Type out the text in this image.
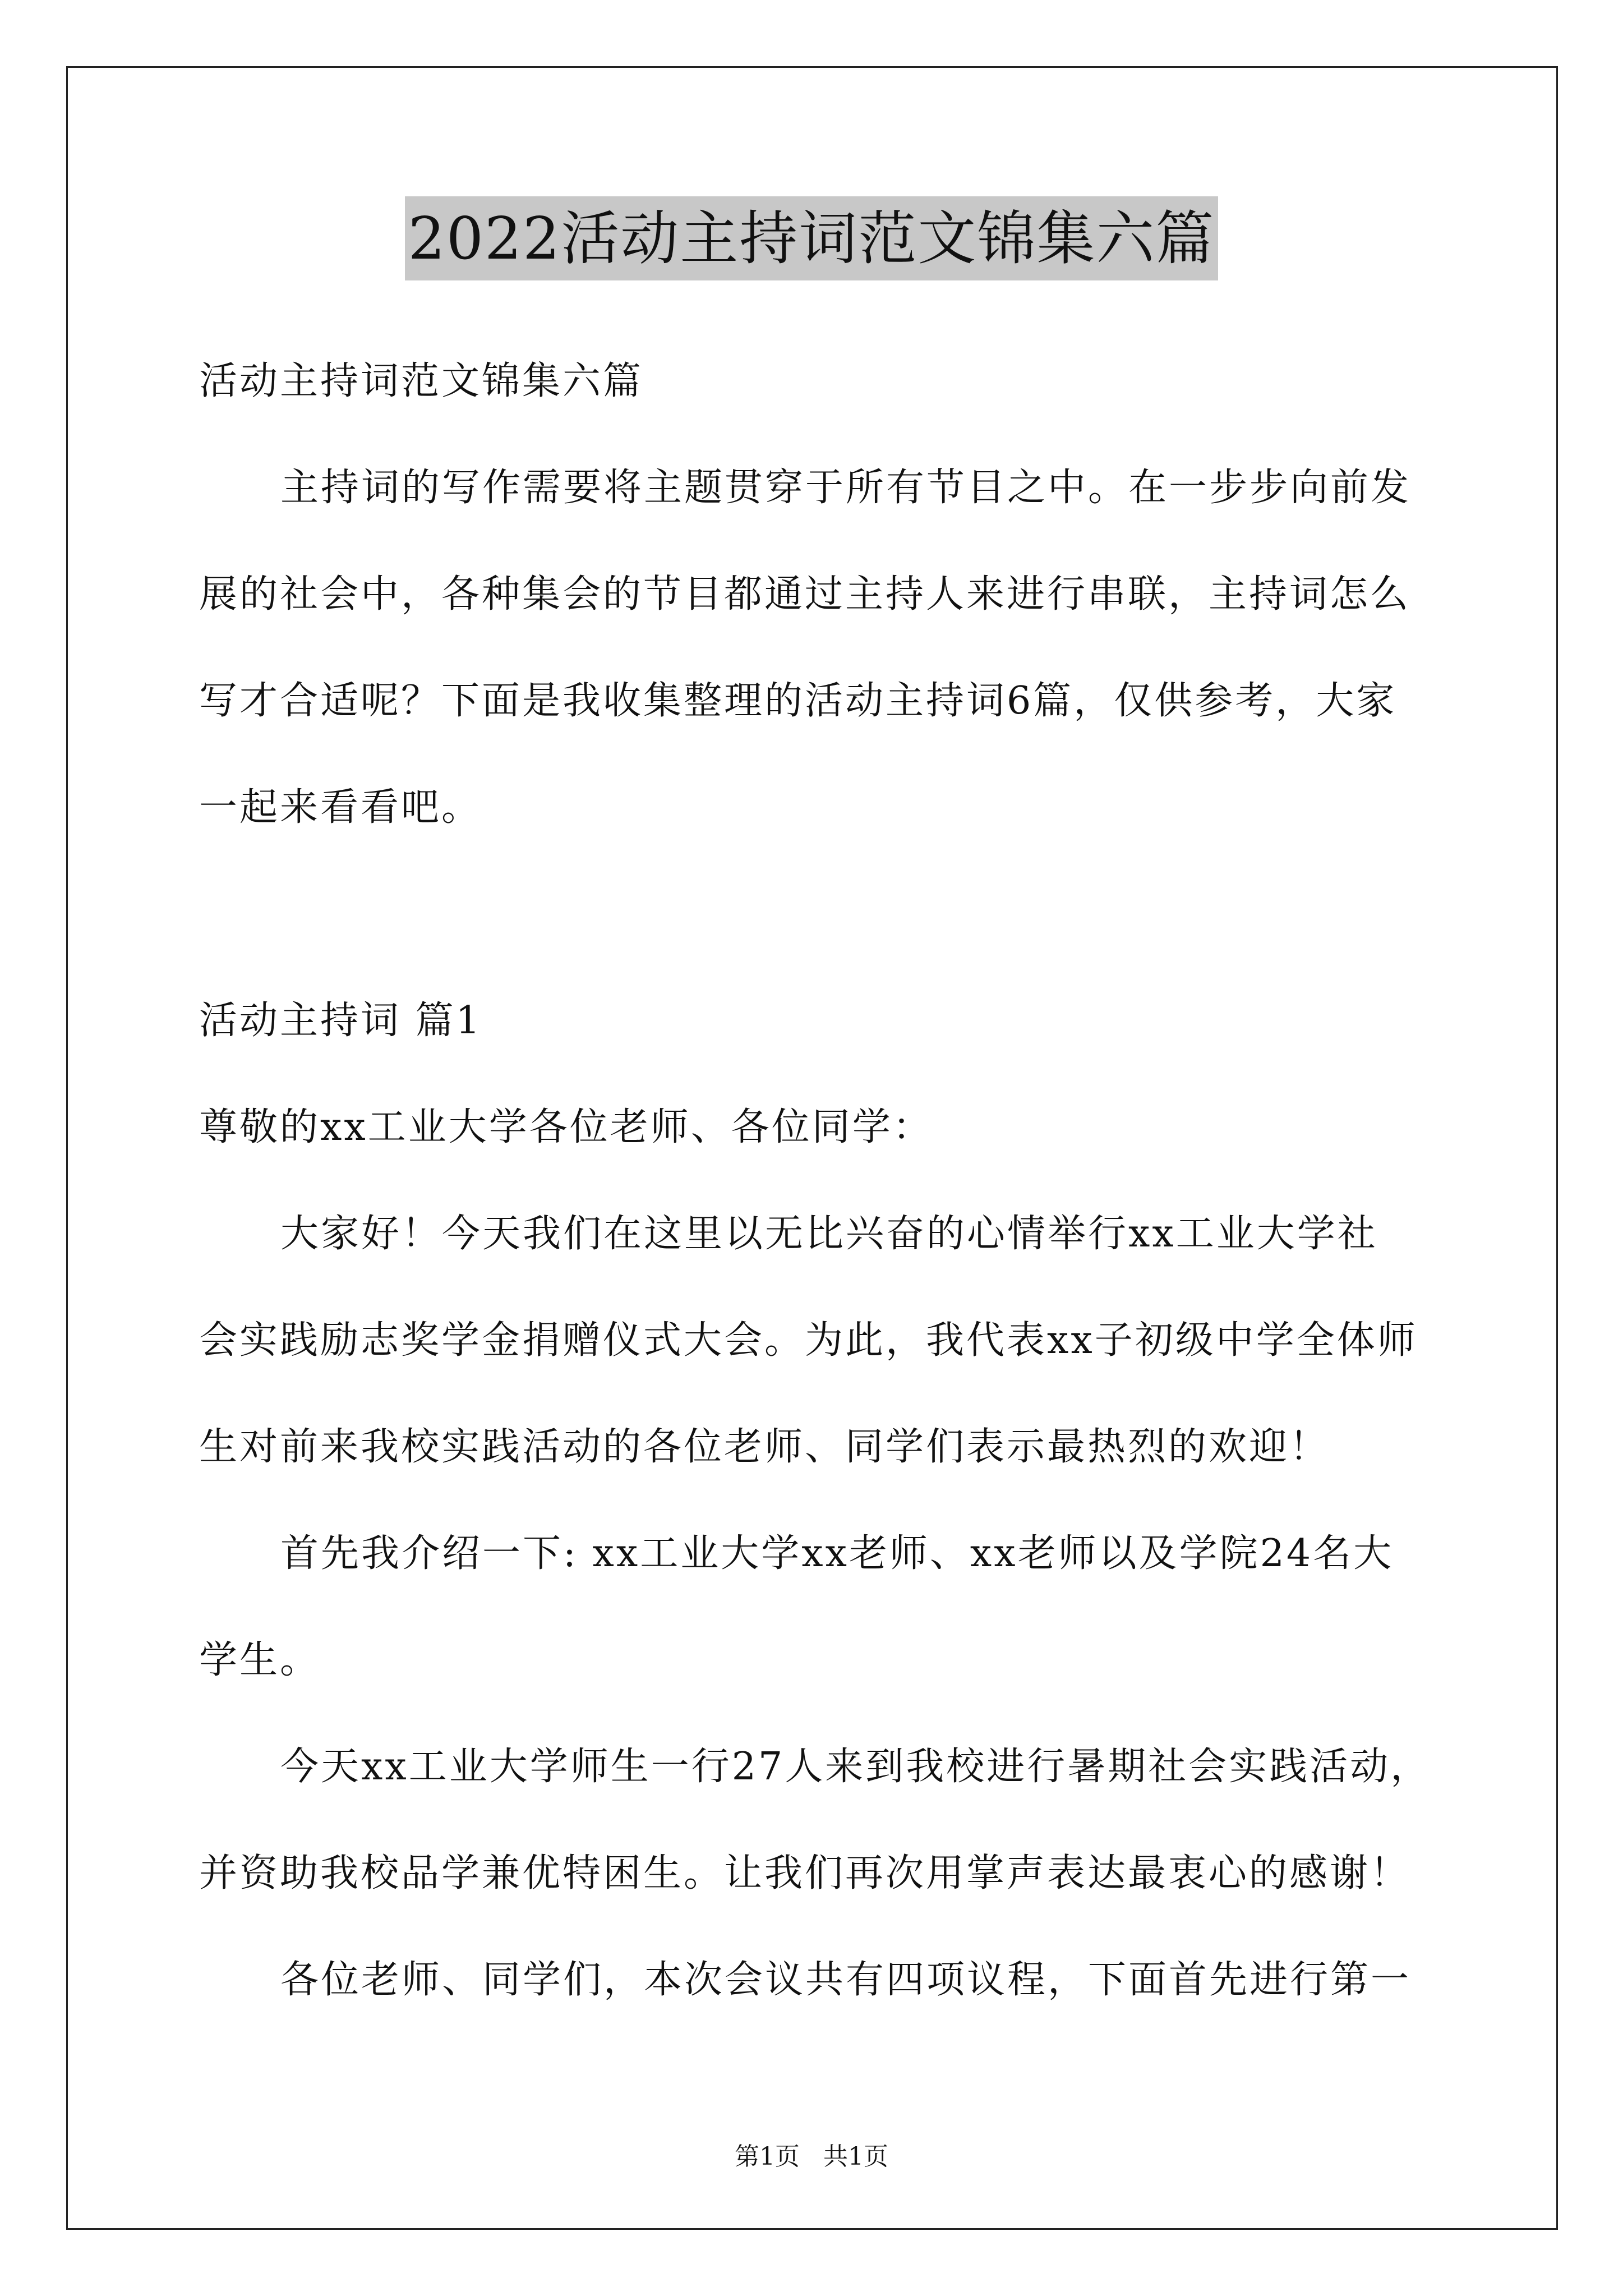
2022活动主持词范文锦集六篇
活动主持词范文锦集六篇
主持词的写作需要将主题贯穿于所有节目之中。在一步步向前发
展的社会中，各种集会的节目都通过主持人来进行串联，主持词怎么
写才合适呢？下面是我收集整理的活动主持词6篇，仅供参考，大家
一起来看看吧。
活动主持词 篇1
尊敬的xx工业大学各位老师、各位同学：
大家好！今天我们在这里以无比兴奋的心情举行xx工业大学社
会实践励志奖学金捐赠仪式大会。为此，我代表xx子初级中学全体师
生对前来我校实践活动的各位老师、同学们表示最热烈的欢迎！
首先我介绍一下: xx工业大学xx老师、xx老师以及学院24名大
学生。
今天xx工业大学师生一行27人来到我校进行暑期社会实践活动，
并资助我校品学兼优特困生。让我们再次用掌声表达最衷心的感谢！
各位老师、同学们，本次会议共有四项议程，下面首先进行第一
第1页   共1页
